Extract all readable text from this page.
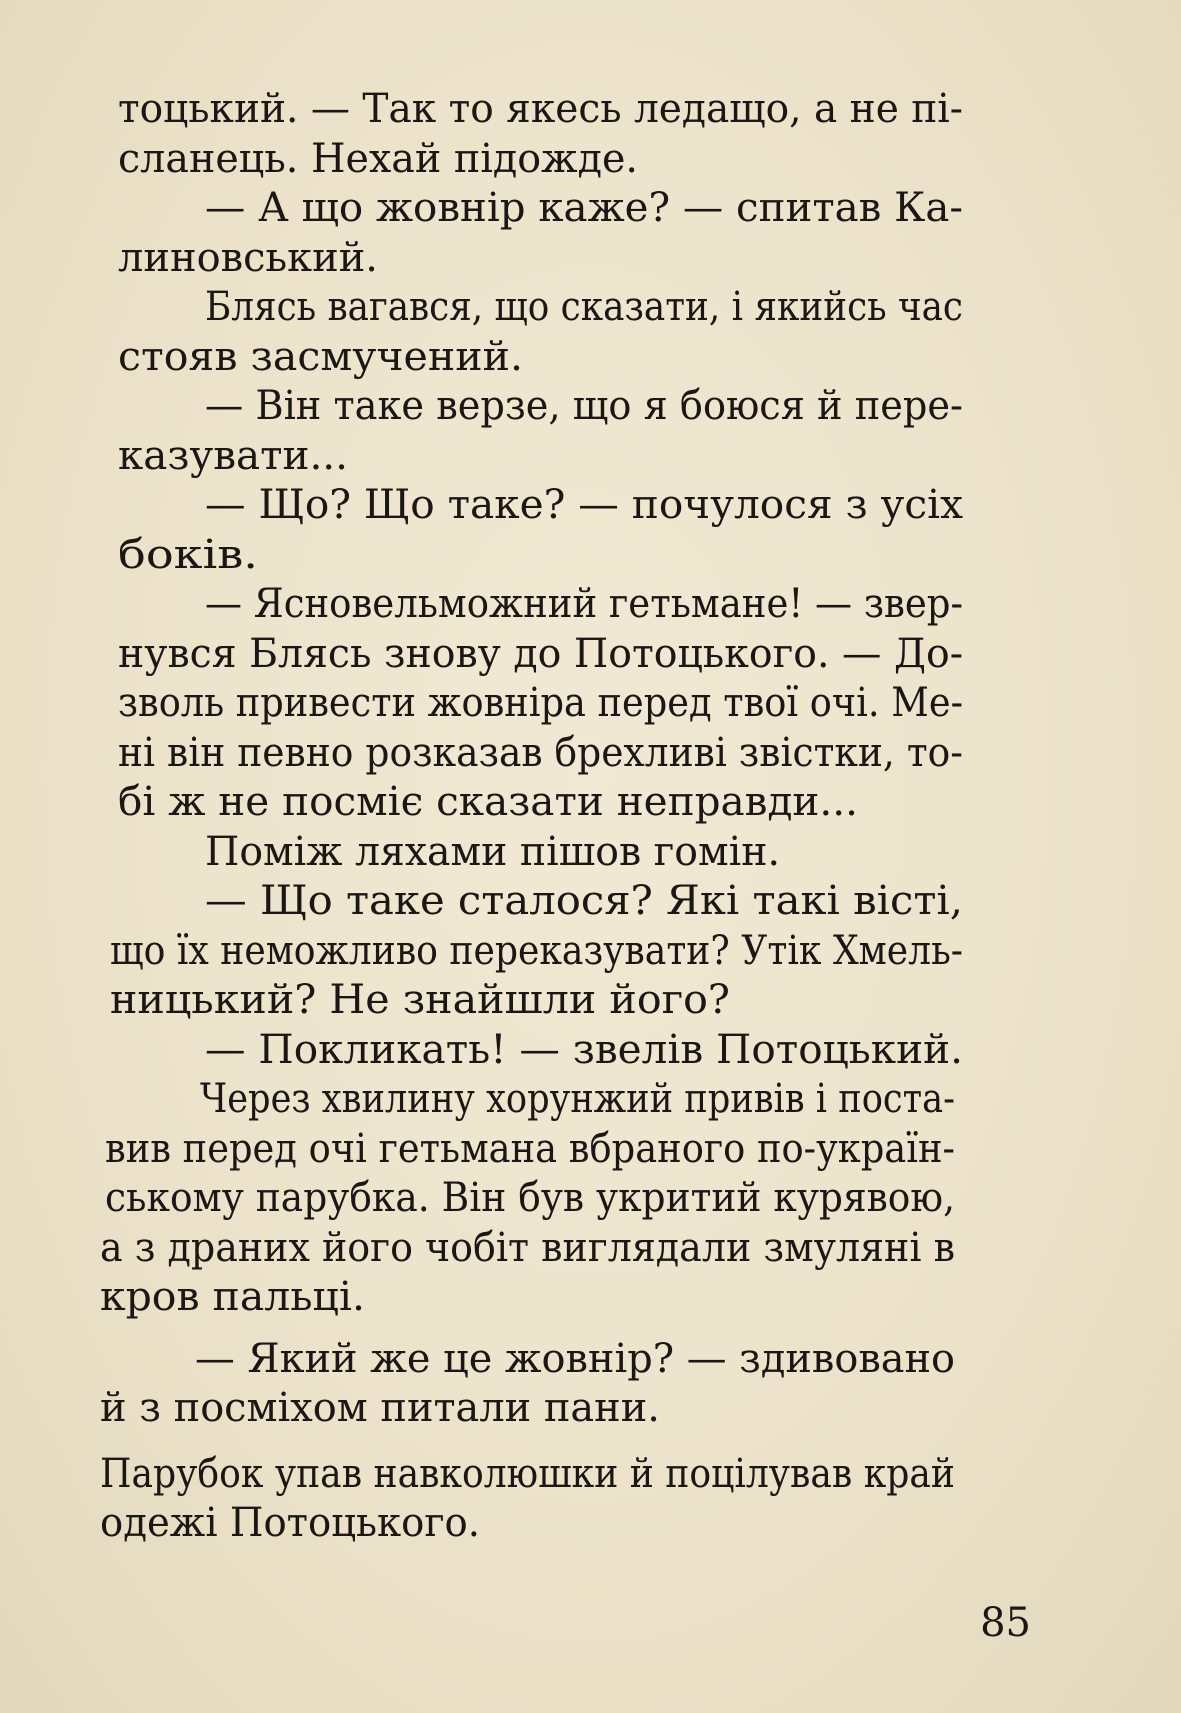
тоцький. — Так то якесь ледащо, а не пі-
сланець. Нехай підожде.
— А що жовнір каже? — спитав Ка-
линовський.
Блясь вагався, що сказати, і якийсь час
стояв засмучений.
— Він таке верзе, що я боюся й пере-
казувати...
— Що? Що таке? — почулося з усіх
боків.
— Ясновельможний гетьмане! — звер-
нувся Блясь знову до Потоцького. — До-
зволь привести жовніра перед твої очі. Ме-
ні він певно розказав брехливі звістки, то-
бі ж не посміє сказати неправди...
Поміж ляхами пішов гомін.
— Що таке сталося? Які такі вісті,
що їх неможливо переказувати? Утік Хмель-
ницький? Не знайшли його?
— Покликать! — звелів Потоцький.
Через хвилину хорунжий привів і поста-
вив перед очі гетьмана вбраного по-україн-
ському парубка. Він був укритий курявою,
а з драних його чобіт виглядали змуляні в
кров пальці.
— Який же це жовнір? — здивовано
й з посміхом питали пани.
Парубок упав навколюшки й поцілував край
одежі Потоцького.
85
